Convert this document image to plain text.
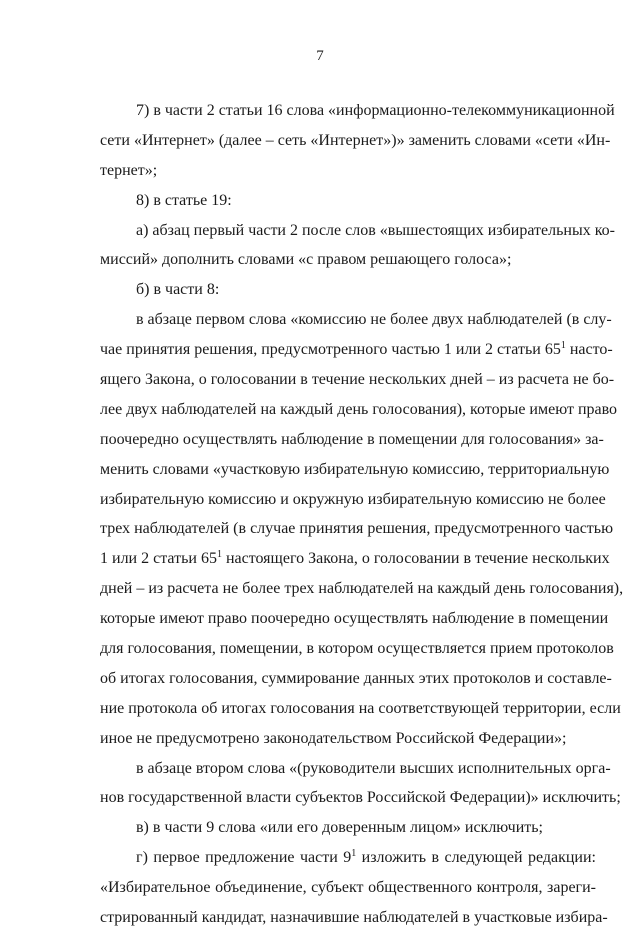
7
7) в части 2 статьи 16 слова «информационно-телекоммуникационной
сети «Интернет» (далее – сеть «Интернет»)» заменить словами «сети «Ин-
тернет»;
8) в статье 19:
а) абзац первый части 2 после слов «вышестоящих избирательных ко-
миссий» дополнить словами «с правом решающего голоса»;
б) в части 8:
в абзаце первом слова «комиссию не более двух наблюдателей (в слу-
чае принятия решения, предусмотренного частью 1 или 2 статьи $65^1$ насто-
ящего Закона, о голосовании в течение нескольких дней – из расчета не бо-
лее двух наблюдателей на каждый день голосования), которые имеют право
поочередно осуществлять наблюдение в помещении для голосования» за-
менить словами «участковую избирательную комиссию, территориальную
избирательную комиссию и окружную избирательную комиссию не более
трех наблюдателей (в случае принятия решения, предусмотренного частью
1 или 2 статьи $65^1$ настоящего Закона, о голосовании в течение нескольких
дней – из расчета не более трех наблюдателей на каждый день голосования),
которые имеют право поочередно осуществлять наблюдение в помещении
для голосования, помещении, в котором осуществляется прием протоколов
об итогах голосования, суммирование данных этих протоколов и составле-
ние протокола об итогах голосования на соответствующей территории, если
иное не предусмотрено законодательством Российской Федерации»;
в абзаце втором слова «(руководители высших исполнительных орга-
нов государственной власти субъектов Российской Федерации)» исключить;
в) в части 9 слова «или его доверенным лицом» исключить;
г) первое предложение части $9^1$ изложить в следующей редакции:
«Избирательное объединение, субъект общественного контроля, зареги-
стрированный кандидат, назначившие наблюдателей в участковые избира-
